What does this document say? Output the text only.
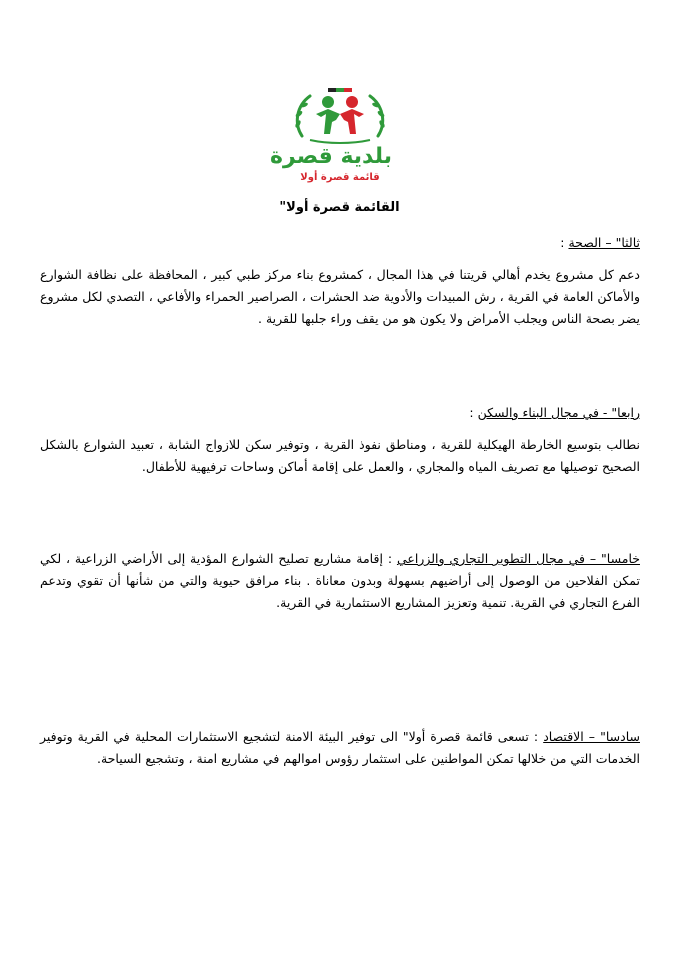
بلدية قصرة
قائمة قصرة أولا
القائمة قصرة أولا"
ثالثا" – الصحة :
دعم كل مشروع يخدم أهالي قريتنا في هذا المجال ، كمشروع بناء مركز طبي كبير ، المحافظة على نظافة الشوارع والأماكن العامة في القرية ، رش المبيدات والأدوية ضد الحشرات ، الصراصير الحمراء والأفاعي ، التصدي لكل مشروع يضر بصحة الناس ويجلب الأمراض ولا يكون هو من يقف وراء جلبها للقرية .
رابعا" - في مجال البناء والسكن :
نطالب بتوسيع الخارطة الهيكلية للقرية ، ومناطق نفوذ القرية ، وتوفير سكن للازواج الشابة ، تعبيد الشوارع بالشكل الصحيح توصيلها مع تصريف المياه والمجاري ، والعمل على إقامة أماكن وساحات ترفيهية للأطفال.
خامسا" – في مجال التطوير التجاري والزراعي : إقامة مشاريع تصليح الشوارع المؤدية إلى الأراضي الزراعية ، لكي تمكن الفلاحين من الوصول إلى أراضيهم بسهولة وبدون معاناة . بناء مرافق حيوية والتي من شأنها أن تقوي وتدعم الفرع التجاري في القرية. تنمية وتعزيز المشاريع الاستثمارية في القرية.
سادسا" – الاقتصاد : تسعى قائمة قصرة أولا" الى توفير البيئة الامنة لتشجيع الاستثمارات المحلية في القرية وتوفير الخدمات التي من خلالها تمكن المواطنين على استثمار رؤوس اموالهم في مشاريع امنة ، وتشجيع السياحة.
